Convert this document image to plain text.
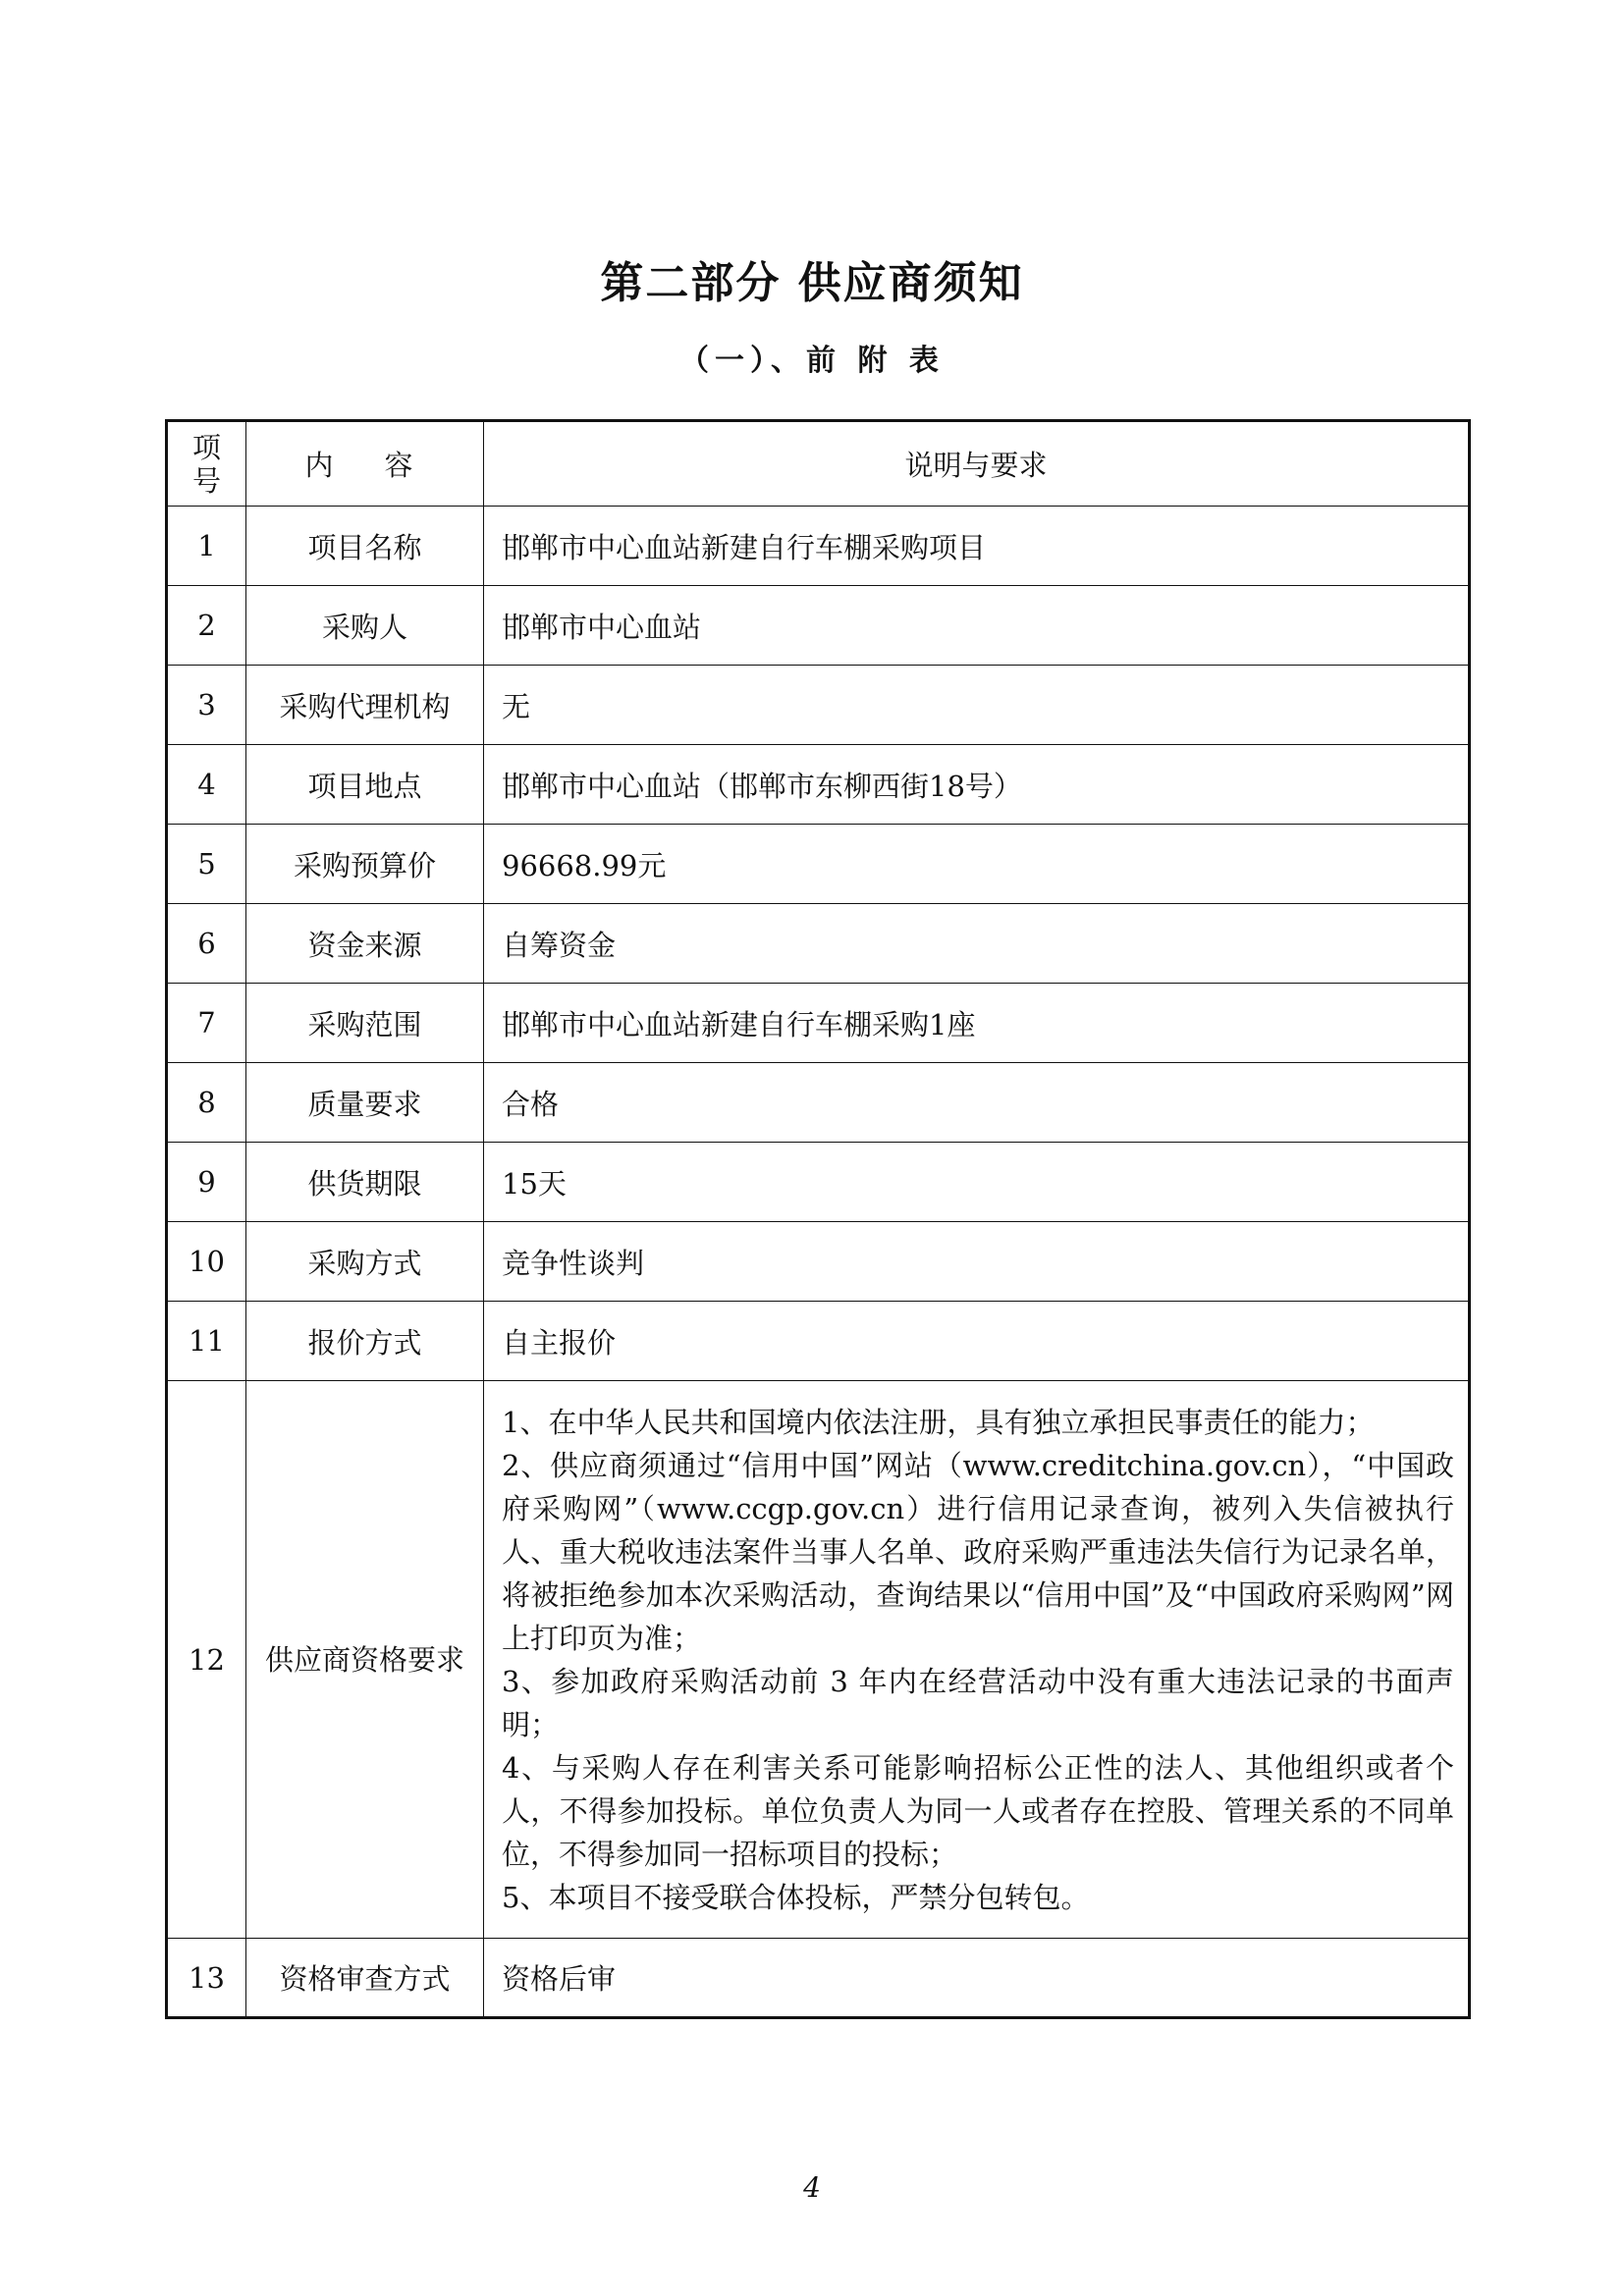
第二部分 供应商须知
（一）、前 附 表
项
号	内容	说明与要求
1	项目名称	邯郸市中心血站新建自行车棚采购项目
2	采购人	邯郸市中心血站
3	采购代理机构	无
4	项目地点	邯郸市中心血站（邯郸市东柳西街18号）
5	采购预算价	96668.99元
6	资金来源	自筹资金
7	采购范围	邯郸市中心血站新建自行车棚采购1座
8	质量要求	合格
9	供货期限	15天
10	采购方式	竞争性谈判
11	报价方式	自主报价
12	供应商资格要求	1、在中华人民共和国境内依法注册，具有独立承担民事责任的能力；
2、供应商须通过“信用中国”网站（www.creditchina.gov.cn），“中国政府采购网”（www.ccgp.gov.cn）进行信用记录查询，被列入失信被执行人、重大税收违法案件当事人名单、政府采购严重违法失信行为记录名单，将被拒绝参加本次采购活动，查询结果以“信用中国”及“中国政府采购网”网上打印页为准；
3、参加政府采购活动前 3 年内在经营活动中没有重大违法记录的书面声明；
4、与采购人存在利害关系可能影响招标公正性的法人、其他组织或者个人，不得参加投标。单位负责人为同一人或者存在控股、管理关系的不同单位，不得参加同一招标项目的投标；
5、本项目不接受联合体投标，严禁分包转包。

13	资格审查方式	资格后审
4
